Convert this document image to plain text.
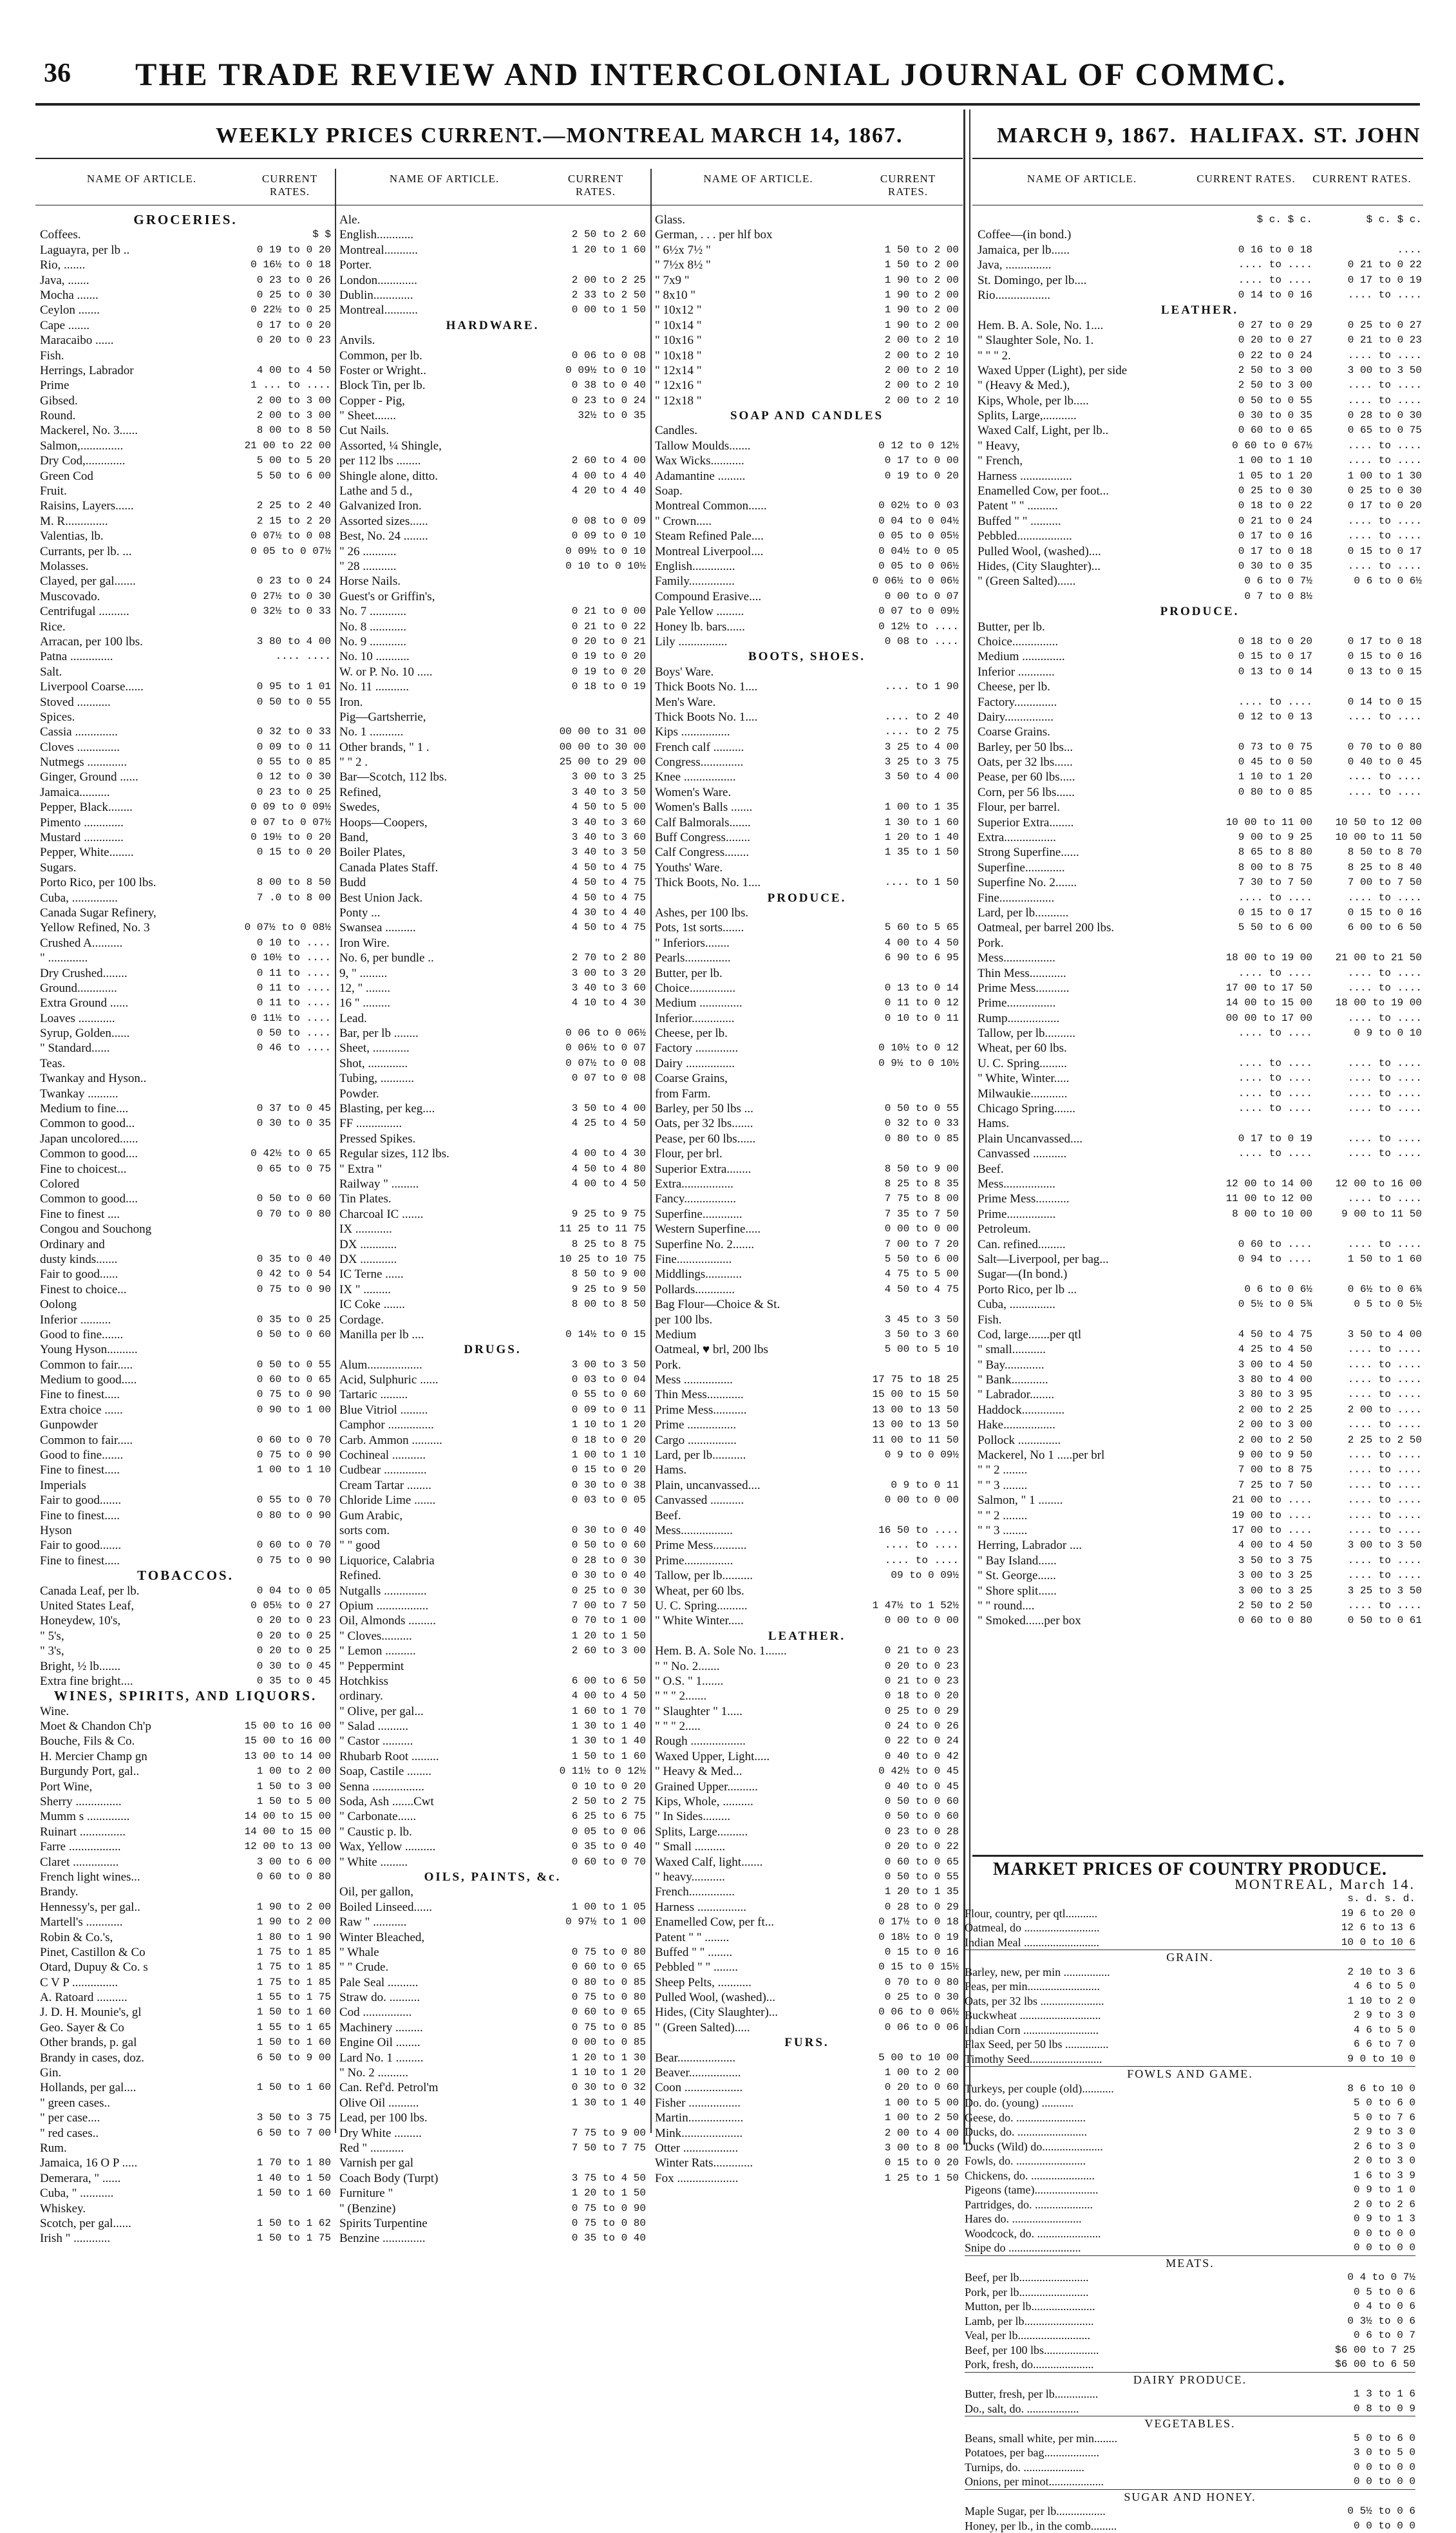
36 THE TRADE REVIEW AND INTERCOLONIAL JOURNAL OF COMMC.
WEEKLY PRICES CURRENT.—MONTREAL MARCH 14, 1867.
NAME OF ARTICLE.	CURRENT RATES.
NAME OF ARTICLE.	CURRENT RATES.
NAME OF ARTICLE.	CURRENT RATES.
GROCERIES.
Coffees.	$ $
Laguayra, per lb ..	0 19 to 0 20
Rio, .......	0 16½ to 0 18
Java, .......	0 23 to 0 26
Mocha .......	0 25 to 0 30
Ceylon .......	0 22½ to 0 25
Cape .......	0 17 to 0 20
Maracaibo ......	0 20 to 0 23
Fish.
Herrings, Labrador	4 00 to 4 50
Prime	1 ... to ....
Gibsed.	2 00 to 3 00
Round.	2 00 to 3 00
Mackerel, No. 3......	8 00 to 8 50
Salmon,..............	21 00 to 22 00
Dry Cod,.............	5 00 to 5 20
Green Cod	5 50 to 6 00
Fruit.
Raisins, Layers......	2 25 to 2 40
M. R..............	2 15 to 2 20
Valentias, lb.	0 07½ to 0 08
Currants, per lb. ...	0 05 to 0 07½
Molasses.
Clayed, per gal.......	0 23 to 0 24
Muscovado.	0 27½ to 0 30
Centrifugal ..........	0 32½ to 0 33
Rice.
Arracan, per 100 lbs.	3 80 to 4 00
Patna ..............	.... ....
Salt.
Liverpool Coarse......	0 95 to 1 01
Stoved ...........	0 50 to 0 55
Spices.
Cassia ..............	0 32 to 0 33
Cloves ..............	0 09 to 0 11
Nutmegs .............	0 55 to 0 85
Ginger, Ground ......	0 12 to 0 30
Jamaica..........	0 23 to 0 25
Pepper, Black........	0 09 to 0 09½
Pimento .............	0 07 to 0 07½
Mustard .............	0 19½ to 0 20
Pepper, White........	0 15 to 0 20
Sugars.
Porto Rico, per 100 lbs.	8 00 to 8 50
Cuba, ...............	7 .0 to 8 00
Canada Sugar Refinery,
Yellow Refined, No. 3	0 07½ to 0 08½
Crushed A..........	0 10 to ....
" .............	0 10½ to ....
Dry Crushed........	0 11 to ....
Ground.............	0 11 to ....
Extra Ground ......	0 11 to ....
Loaves ............	0 11½ to ....
Syrup, Golden......	0 50 to ....
" Standard......	0 46 to ....
Teas.
Twankay and Hyson..
Twankay ..........
Medium to fine....	0 37 to 0 45
Common to good...	0 30 to 0 35
Japan uncolored......
Common to good....	0 42½ to 0 65
Fine to choicest...	0 65 to 0 75
Colored
Common to good....	0 50 to 0 60
Fine to finest ....	0 70 to 0 80
Congou and Souchong
Ordinary and
dusty kinds.......	0 35 to 0 40
Fair to good......	0 42 to 0 54
Finest to choice...	0 75 to 0 90
Oolong
Inferior ..........	0 35 to 0 25
Good to fine.......	0 50 to 0 60
Young Hyson..........
Common to fair.....	0 50 to 0 55
Medium to good.....	0 60 to 0 65
Fine to finest.....	0 75 to 0 90
Extra choice ......	0 90 to 1 00
Gunpowder
Common to fair.....	0 60 to 0 70
Good to fine.......	0 75 to 0 90
Fine to finest.....	1 00 to 1 10
Imperials
Fair to good.......	0 55 to 0 70
Fine to finest.....	0 80 to 0 90
Hyson
Fair to good.......	0 60 to 0 70
Fine to finest.....	0 75 to 0 90
TOBACCOS.
Canada Leaf, per lb.	0 04 to 0 05
United States Leaf,	0 05½ to 0 27
Honeydew, 10's,	0 20 to 0 23
" 5's,	0 20 to 0 25
" 3's,	0 20 to 0 25
Bright, ½ lb.......	0 30 to 0 45
Extra fine bright....	0 35 to 0 45
WINES, SPIRITS, AND LIQUORS.
Wine.
Moet & Chandon Ch'p	15 00 to 16 00
Bouche, Fils & Co.	15 00 to 16 00
H. Mercier Champ gn	13 00 to 14 00
Burgundy Port, gal..	1 00 to 2 00
Port Wine,	1 50 to 3 00
Sherry ...............	1 50 to 5 00
Mumm s ..............	14 00 to 15 00
Ruinart ...............	14 00 to 15 00
Farre .................	12 00 to 13 00
Claret ...............	3 00 to 6 00
French light wines...	0 60 to 0 80
Brandy.
Hennessy's, per gal..	1 90 to 2 00
Martell's ............	1 90 to 2 00
Robin & Co.'s,	1 80 to 1 90
Pinet, Castillon & Co	1 75 to 1 85
Otard, Dupuy & Co. s	1 75 to 1 85
C V P ...............	1 75 to 1 85
A. Ratoard ..........	1 55 to 1 75
J. D. H. Mounie's, gl	1 50 to 1 60
Geo. Sayer & Co	1 55 to 1 65
Other brands, p. gal	1 50 to 1 60
Brandy in cases, doz.	6 50 to 9 00
Gin.
Hollands, per gal....	1 50 to 1 60
" green cases..
" per case....	3 50 to 3 75
" red cases..	6 50 to 7 00
Rum.
Jamaica, 16 O P .....	1 70 to 1 80
Demerara, " ......	1 40 to 1 50
Cuba, " ...........	1 50 to 1 60
Whiskey.
Scotch, per gal......	1 50 to 1 62
Irish " ............	1 50 to 1 75
Ale.
English............	2 50 to 2 60
Montreal...........	1 20 to 1 60
Porter.
London.............	2 00 to 2 25
Dublin.............	2 33 to 2 50
Montreal...........	0 00 to 1 50
HARDWARE.
Anvils.
Common, per lb.	0 06 to 0 08
Foster or Wright..	0 09½ to 0 10
Block Tin, per lb.	0 38 to 0 40
Copper - Pig,	0 23 to 0 24
" Sheet.......	32½ to 0 35
Cut Nails.
Assorted, ¼ Shingle,
per 112 lbs ........	2 60 to 4 00
Shingle alone, ditto.	4 00 to 4 40
Lathe and 5 d.,	4 20 to 4 40
Galvanized Iron.
Assorted sizes......	0 08 to 0 09
Best, No. 24 ........	0 09 to 0 10
" 26 ...........	0 09½ to 0 10
" 28 ...........	0 10 to 0 10½
Horse Nails.
Guest's or Griffin's,
No. 7 ............	0 21 to 0 00
No. 8 ............	0 21 to 0 22
No. 9 ............	0 20 to 0 21
No. 10 ...........	0 19 to 0 20
W. or P. No. 10 .....	0 19 to 0 20
No. 11 ...........	0 18 to 0 19
Iron.
Pig—Gartsherrie,
No. 1 ...........	00 00 to 31 00
Other brands, " 1 .	00 00 to 30 00
" " 2 .	25 00 to 29 00
Bar—Scotch, 112 lbs.	3 00 to 3 25
Refined,	3 40 to 3 50
Swedes,	4 50 to 5 00
Hoops—Coopers,	3 40 to 3 60
Band,	3 40 to 3 60
Boiler Plates,	3 40 to 3 50
Canada Plates Staff.	4 50 to 4 75
Budd	4 50 to 4 75
Best Union Jack.	4 50 to 4 75
Ponty ...	4 30 to 4 40
Swansea ..........	4 50 to 4 75
Iron Wire.
No. 6, per bundle ..	2 70 to 2 80
9, " .........	3 00 to 3 20
12, " ........	3 40 to 3 60
16 " .........	4 10 to 4 30
Lead.
Bar, per lb ........	0 06 to 0 06½
Sheet, ............	0 06½ to 0 07
Shot, .............	0 07½ to 0 08
Tubing, ...........	0 07 to 0 08
Powder.
Blasting, per keg....	3 50 to 4 00
FF ...............	4 25 to 4 50
Pressed Spikes.
Regular sizes, 112 lbs.	4 00 to 4 30
" Extra "	4 50 to 4 80
Railway " .........	4 00 to 4 50
Tin Plates.
Charcoal IC .......	9 25 to 9 75
IX ............	11 25 to 11 75
DX ............	8 25 to 8 75
DX ............	10 25 to 10 75
IC Terne ......	8 50 to 9 00
IX " .........	9 25 to 9 50
IC Coke .......	8 00 to 8 50
Cordage.
Manilla per lb ....	0 14½ to 0 15
DRUGS.
Alum..................	3 00 to 3 50
Acid, Sulphuric ......	0 03 to 0 04
Tartaric .........	0 55 to 0 60
Blue Vitriol .........	0 09 to 0 11
Camphor ...............	1 10 to 1 20
Carb. Ammon ..........	0 18 to 0 20
Cochineal ...........	1 00 to 1 10
Cudbear ..............	0 15 to 0 20
Cream Tartar ........	0 30 to 0 38
Chloride Lime .......	0 03 to 0 05
Gum Arabic,
sorts com.	0 30 to 0 40
" " good	0 50 to 0 60
Liquorice, Calabria	0 28 to 0 30
Refined.	0 30 to 0 40
Nutgalls ..............	0 25 to 0 30
Opium .................	7 00 to 7 50
Oil, Almonds .........	0 70 to 1 00
" Cloves..........	1 20 to 1 50
" Lemon ..........	2 60 to 3 00
" Peppermint
Hotchkiss	6 00 to 6 50
ordinary.	4 00 to 4 50
" Olive, per gal...	1 60 to 1 70
" Salad ..........	1 30 to 1 40
" Castor ..........	1 30 to 1 40
Rhubarb Root .........	1 50 to 1 60
Soap, Castile ........	0 11½ to 0 12½
Senna .................	0 10 to 0 20
Soda, Ash .......Cwt	2 50 to 2 75
" Carbonate......	6 25 to 6 75
" Caustic p. lb.	0 05 to 0 06
Wax, Yellow ..........	0 35 to 0 40
" White .........	0 60 to 0 70
OILS, PAINTS, &c.
Oil, per gallon,
Boiled Linseed......	1 00 to 1 05
Raw " ...........	0 97½ to 1 00
Winter Bleached,
" Whale	0 75 to 0 80
" " Crude.	0 60 to 0 65
Pale Seal ..........	0 80 to 0 85
Straw do. ..........	0 75 to 0 80
Cod ................	0 60 to 0 65
Machinery .........	0 75 to 0 85
Engine Oil ........	0 00 to 0 85
Lard No. 1 .........	1 20 to 1 30
" No. 2 ..........	1 10 to 1 20
Can. Ref'd. Petrol'm	0 30 to 0 32
Olive Oil ..........	1 30 to 1 40
Lead, per 100 lbs.
Dry White .........	7 75 to 9 00
Red " ...........	7 50 to 7 75
Varnish per gal
Coach Body (Turpt)	3 75 to 4 50
Furniture "	1 20 to 1 50
" (Benzine)	0 75 to 0 90
Spirits Turpentine	0 75 to 0 80
Benzine ..............	0 35 to 0 40
Glass.
German, . . . per hlf box
" 6½x 7½ "	1 50 to 2 00
" 7½x 8½ "	1 50 to 2 00
" 7x9 "	1 90 to 2 00
" 8x10 "	1 90 to 2 00
" 10x12 "	1 90 to 2 00
" 10x14 "	1 90 to 2 00
" 10x16 "	2 00 to 2 10
" 10x18 "	2 00 to 2 10
" 12x14 "	2 00 to 2 10
" 12x16 "	2 00 to 2 10
" 12x18 "	2 00 to 2 10
SOAP AND CANDLES
Candles.
Tallow Moulds.......	0 12 to 0 12½
Wax Wicks...........	0 17 to 0 00
Adamantine .........	0 19 to 0 20
Soap.
Montreal Common......	0 02½ to 0 03
" Crown.....	0 04 to 0 04½
Steam Refined Pale....	0 05 to 0 05½
Montreal Liverpool....	0 04½ to 0 05
English..............	0 05 to 0 06½
Family...............	0 06½ to 0 06½
Compound Erasive....	0 00 to 0 07
Pale Yellow .........	0 07 to 0 09½
Honey lb. bars......	0 12½ to ....
Lily ................	0 08 to ....
BOOTS, SHOES.
Boys' Ware.
Thick Boots No. 1....	.... to 1 90
Men's Ware.
Thick Boots No. 1....	.... to 2 40
Kips ................	.... to 2 75
French calf ..........	3 25 to 4 00
Congress..............	3 25 to 3 75
Knee .................	3 50 to 4 00
Women's Ware.
Women's Balls .......	1 00 to 1 35
Calf Balmorals.......	1 30 to 1 60
Buff Congress........	1 20 to 1 40
Calf Congress........	1 35 to 1 50
Youths' Ware.
Thick Boots, No. 1....	.... to 1 50
PRODUCE.
Ashes, per 100 lbs.
Pots, 1st sorts.......	5 60 to 5 65
" Inferiors........	4 00 to 4 50
Pearls...............	6 90 to 6 95
Butter, per lb.
Choice...............	0 13 to 0 14
Medium ..............	0 11 to 0 12
Inferior..............	0 10 to 0 11
Cheese, per lb.
Factory ..............	0 10½ to 0 12
Dairy ................	0 9½ to 0 10½
Coarse Grains,
from Farm.
Barley, per 50 lbs ...	0 50 to 0 55
Oats, per 32 lbs.......	0 32 to 0 33
Pease, per 60 lbs......	0 80 to 0 85
Flour, per brl.
Superior Extra........	8 50 to 9 00
Extra.................	8 25 to 8 35
Fancy.................	7 75 to 8 00
Superfine.............	7 35 to 7 50
Western Superfine.....	0 00 to 0 00
Superfine No. 2.......	7 00 to 7 20
Fine..................	5 50 to 6 00
Middlings............	4 75 to 5 00
Pollards.............	4 50 to 4 75
Bag Flour—Choice & St.
per 100 lbs.	3 45 to 3 50
Medium	3 50 to 3 60
Oatmeal, ♥ brl, 200 lbs	5 00 to 5 10
Pork.
Mess ................	17 75 to 18 25
Thin Mess............	15 00 to 15 50
Prime Mess...........	13 00 to 13 50
Prime ................	13 00 to 13 50
Cargo ................	11 00 to 11 50
Lard, per lb...........	0 9 to 0 09½
Hams.
Plain, uncanvassed....	0 9 to 0 11
Canvassed ...........	0 00 to 0 00
Beef.
Mess.................	16 50 to ....
Prime Mess...........	.... to ....
Prime................	.... to ....
Tallow, per lb..........	09 to 0 09½
Wheat, per 60 lbs.
U. C. Spring..........	1 47½ to 1 52½
" White Winter.....	0 00 to 0 00
LEATHER.
Hem. B. A. Sole No. 1.......	0 21 to 0 23
" " No. 2.......	0 20 to 0 23
" O.S. " 1.......	0 21 to 0 23
" " " 2.......	0 18 to 0 20
" Slaughter " 1.....	0 25 to 0 29
" " " 2.....	0 24 to 0 26
Rough ..................	0 22 to 0 24
Waxed Upper, Light.....	0 40 to 0 42
" Heavy & Med...	0 42½ to 0 45
Grained Upper..........	0 40 to 0 45
Kips, Whole, ..........	0 50 to 0 60
" In Sides.........	0 50 to 0 60
Splits, Large..........	0 23 to 0 28
" Small ..........	0 20 to 0 22
Waxed Calf, light.......	0 60 to 0 65
" heavy...........	0 50 to 0 55
French...............	1 20 to 1 35
Harness ................	0 28 to 0 29
Enamelled Cow, per ft...	0 17½ to 0 18
Patent " " ........	0 18½ to 0 19
Buffed " " ........	0 15 to 0 16
Pebbled " " ........	0 15 to 0 15½
Sheep Pelts, ...........	0 70 to 0 80
Pulled Wool, (washed)...	0 25 to 0 30
Hides, (City Slaughter)...	0 06 to 0 06½
" (Green Salted).....	0 06 to 0 06
FURS.
Bear...................	5 00 to 10 00
Beaver.................	1 00 to 2 00
Coon ...................	0 20 to 0 60
Fisher .................	1 00 to 5 00
Martin..................	1 00 to 2 50
Mink....................	2 00 to 4 00
Otter ..................	3 00 to 8 00
Winter Rats.............	0 15 to 0 20
Fox ....................	1 25 to 1 50
MARCH 9, 1867. HALIFAX. ST. JOHN
NAME OF ARTICLE.	CURRENT RATES.	CURRENT RATES.
$ c. $ c.	$ c. $ c.
Coffee—(in bond.)
Jamaica, per lb......	0 16 to 0 18	....
Java, ...............	.... to ....	0 21 to 0 22
St. Domingo, per lb....	.... to ....	0 17 to 0 19
Rio..................	0 14 to 0 16	.... to ....
LEATHER.
Hem. B. A. Sole, No. 1....	0 27 to 0 29	0 25 to 0 27
" Slaughter Sole, No. 1.	0 20 to 0 27	0 21 to 0 23
" " " 2.	0 22 to 0 24	.... to ....
Waxed Upper (Light), per side	2 50 to 3 00	3 00 to 3 50
" (Heavy & Med.),	2 50 to 3 00	.... to ....
Kips, Whole, per lb.....	0 50 to 0 55	.... to ....
Splits, Large,...........	0 30 to 0 35	0 28 to 0 30
Waxed Calf, Light, per lb..	0 60 to 0 65	0 65 to 0 75
" Heavy,	0 60 to 0 67½	.... to ....
" French,	1 00 to 1 10	.... to ....
Harness .................	1 05 to 1 20	1 00 to 1 30
Enamelled Cow, per foot...	0 25 to 0 30	0 25 to 0 30
Patent " " ..........	0 18 to 0 22	0 17 to 0 20
Buffed " " ..........	0 21 to 0 24	.... to ....
Pebbled..................	0 17 to 0 16	.... to ....
Pulled Wool, (washed)....	0 17 to 0 18	0 15 to 0 17
Hides, (City Slaughter)...	0 30 to 0 35	.... to ....
" (Green Salted)......	0 6 to 0 7½	0 6 to 0 6½
0 7 to 0 8½
PRODUCE.
Butter, per lb.
Choice...............	0 18 to 0 20	0 17 to 0 18
Medium ..............	0 15 to 0 17	0 15 to 0 16
Inferior ............	0 13 to 0 14	0 13 to 0 15
Cheese, per lb.
Factory..............	.... to ....	0 14 to 0 15
Dairy................	0 12 to 0 13	.... to ....
Coarse Grains.
Barley, per 50 lbs...	0 73 to 0 75	0 70 to 0 80
Oats, per 32 lbs......	0 45 to 0 50	0 40 to 0 45
Pease, per 60 lbs.....	1 10 to 1 20	.... to ....
Corn, per 56 lbs......	0 80 to 0 85	.... to ....
Flour, per barrel.
Superior Extra........	10 00 to 11 00	10 50 to 12 00
Extra.................	9 00 to 9 25	10 00 to 11 50
Strong Superfine......	8 65 to 8 80	8 50 to 8 70
Superfine.............	8 00 to 8 75	8 25 to 8 40
Superfine No. 2.......	7 30 to 7 50	7 00 to 7 50
Fine..................	.... to ....	.... to ....
Lard, per lb...........	0 15 to 0 17	0 15 to 0 16
Oatmeal, per barrel 200 lbs.	5 50 to 6 00	6 00 to 6 50
Pork.
Mess.................	18 00 to 19 00	21 00 to 21 50
Thin Mess............	.... to ....	.... to ....
Prime Mess...........	17 00 to 17 50	.... to ....
Prime................	14 00 to 15 00	18 00 to 19 00
Rump.................	00 00 to 17 00	.... to ....
Tallow, per lb..........	.... to ....	0 9 to 0 10
Wheat, per 60 lbs.
U. C. Spring.........	.... to ....	.... to ....
" White, Winter.....	.... to ....	.... to ....
Milwaukie............	.... to ....	.... to ....
Chicago Spring.......	.... to ....	.... to ....
Hams.
Plain Uncanvassed....	0 17 to 0 19	.... to ....
Canvassed ...........	.... to ....	.... to ....
Beef.
Mess.................	12 00 to 14 00	12 00 to 16 00
Prime Mess...........	11 00 to 12 00	.... to ....
Prime................	8 00 to 10 00	9 00 to 11 50
Petroleum.
Can. refined.........	0 60 to ....	.... to ....
Salt—Liverpool, per bag...	0 94 to ....	1 50 to 1 60
Sugar—(In bond.)
Porto Rico, per lb ...	0 6 to 0 6½	0 6½ to 0 6¾
Cuba, ...............	0 5½ to 0 5¾	0 5 to 0 5½
Fish.
Cod, large.......per qtl	4 50 to 4 75	3 50 to 4 00
" small...........	4 25 to 4 50	.... to ....
" Bay.............	3 00 to 4 50	.... to ....
" Bank............	3 80 to 4 00	.... to ....
" Labrador........	3 80 to 3 95	.... to ....
Haddock..............	2 00 to 2 25	2 00 to ....
Hake.................	2 00 to 3 00	.... to ....
Pollock ..............	2 00 to 2 50	2 25 to 2 50
Mackerel, No 1 .....per brl	9 00 to 9 50	.... to ....
" " 2 ........	7 00 to 8 75	.... to ....
" " 3 ........	7 25 to 7 50	.... to ....
Salmon, " 1 ........	21 00 to ....	.... to ....
" " 2 ........	19 00 to ....	.... to ....
" " 3 ........	17 00 to ....	.... to ....
Herring, Labrador ....	4 00 to 4 50	3 00 to 3 50
" Bay Island......	3 50 to 3 75	.... to ....
" St. George......	3 00 to 3 25	.... to ....
" Shore split......	3 00 to 3 25	3 25 to 3 50
" " round....	2 50 to 2 50	.... to ....
" Smoked......per box	0 60 to 0 80	0 50 to 0 61
MARKET PRICES OF COUNTRY PRODUCE.
MONTREAL, March 14.
s. d. s. d.
Flour, country, per qtl...........	19 6 to 20 0
Oatmeal, do ..........................	12 6 to 13 6
Indian Meal ..........................	10 0 to 10 6
GRAIN.
Barley, new, per min ................	2 10 to 3 6
Peas, per min.........................	4 6 to 5 0
Oats, per 32 lbs ......................	1 10 to 2 0
Buckwheat ............................	2 9 to 3 0
Indian Corn ..........................	4 6 to 5 0
Flax Seed, per 50 lbs ...............	6 6 to 7 0
Timothy Seed.........................	9 0 to 10 0
FOWLS AND GAME.
Turkeys, per couple (old)...........	8 6 to 10 0
Do. do. (young) ...........	5 0 to 6 0
Geese, do. ........................	5 0 to 7 6
Ducks, do. ........................	2 9 to 3 0
Ducks (Wild) do.....................	2 6 to 3 0
Fowls, do. ........................	2 0 to 3 0
Chickens, do. ......................	1 6 to 3 9
Pigeons (tame)......................	0 9 to 1 0
Partridges, do. ....................	2 0 to 2 6
Hares do. ........................	0 9 to 1 3
Woodcock, do. ......................	0 0 to 0 0
Snipe do .........................	0 0 to 0 0
MEATS.
Beef, per lb........................	0 4 to 0 7½
Pork, per lb........................	0 5 to 0 6
Mutton, per lb......................	0 4 to 0 6
Lamb, per lb........................	0 3½ to 0 6
Veal, per lb.........................	0 6 to 0 7
Beef, per 100 lbs...................	$6 00 to 7 25
Pork, fresh, do.....................	$6 00 to 6 50
DAIRY PRODUCE.
Butter, fresh, per lb...............	1 3 to 1 6
Do., salt, do. ..................	0 8 to 0 9
VEGETABLES.
Beans, small white, per min........	5 0 to 6 0
Potatoes, per bag...................	3 0 to 5 0
Turnips, do. .....................	0 0 to 0 0
Onions, per minot...................	0 0 to 0 0
SUGAR AND HONEY.
Maple Sugar, per lb.................	0 5½ to 0 6
Honey, per lb., in the comb.........	0 0 to 0 0
